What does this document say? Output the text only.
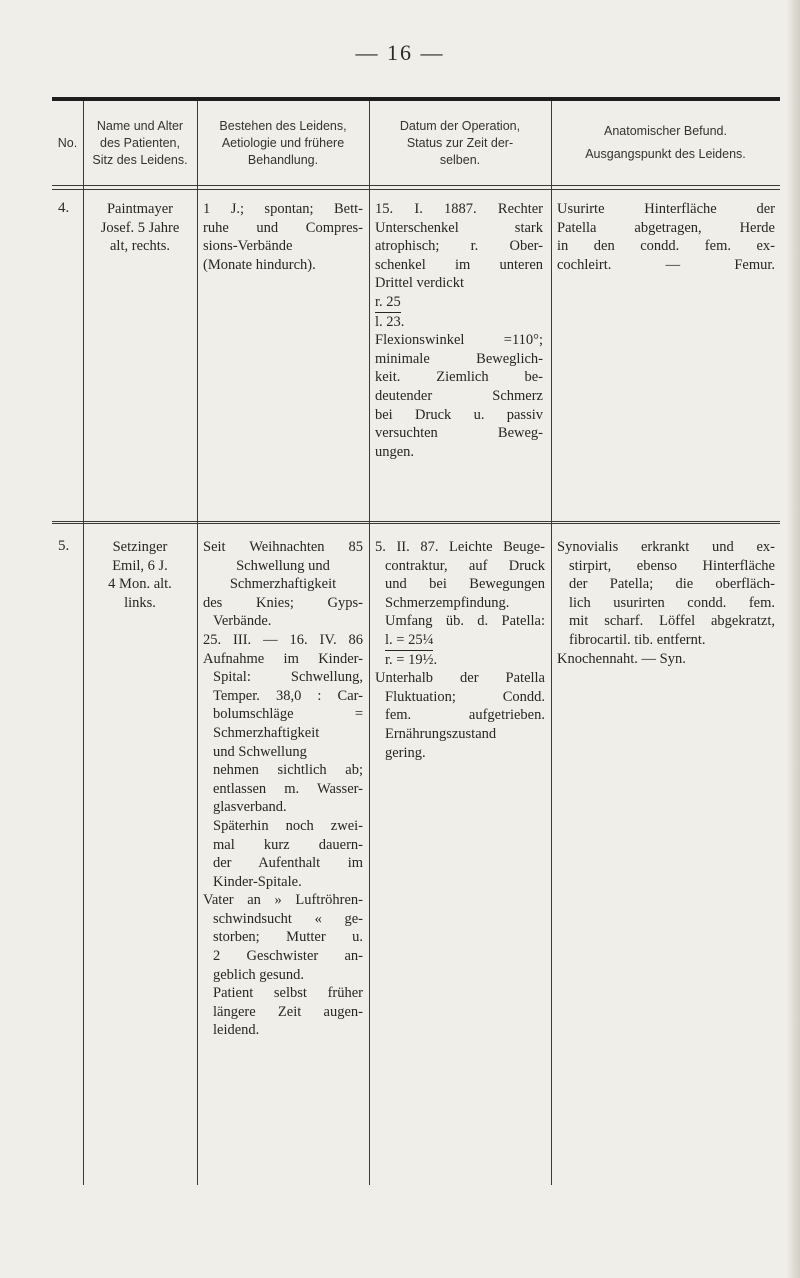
— 16 —
No.
Name und Alter
des Patienten,
Sitz des Leidens.
Bestehen des Leidens,
Aetiologie und frühere
Behandlung.
Datum der Operation,
Status zur Zeit der-
selben.
Anatomischer Befund.
Ausgangspunkt des Leidens.
4.	Paintmayer
Josef. 5 Jahre
alt, rechts.
1 J.; spontan; Bett-
ruhe und Compres-
sions-Verbände
(Monate hindurch).
15. I. 1887. Rechter
Unterschenkel stark
atrophisch; r. Ober-
schenkel im unteren
Drittel verdickt
r. 25
l. 23.
Flexionswinkel =110°;
minimale Beweglich-
keit. Ziemlich be-
deutender Schmerz
bei Druck u. passiv
versuchten Beweg-
ungen.
Usurirte Hinterfläche der
Patella abgetragen, Herde
in den condd. fem. ex-
cochleirt. — Femur.
5.	Setzinger
Emil, 6 J.
4 Mon. alt.
links.
Seit Weihnachten 85
Schwellung und
Schmerzhaftigkeit
des Knies; Gyps-
Verbände.
25. III. — 16. IV. 86
Aufnahme im Kinder-
Spital: Schwellung,
Temper. 38,0 : Car-
bolumschläge =
Schmerzhaftigkeit
und Schwellung
nehmen sichtlich ab;
entlassen m. Wasser-
glasverband.
Späterhin noch zwei-
mal kurz dauern-
der Aufenthalt im
Kinder-Spitale.
Vater an » Luftröhren-
schwindsucht « ge-
storben; Mutter u.
2 Geschwister an-
geblich gesund.
Patient selbst früher
längere Zeit augen-
leidend.
5. II. 87. Leichte Beuge-
contraktur, auf Druck
und bei Bewegungen
Schmerzempfindung.
Umfang üb. d. Patella:
l. = 25¼
r. = 19½.
Unterhalb der Patella
Fluktuation; Condd.
fem. aufgetrieben.
Ernährungszustand
gering.
Synovialis erkrankt und ex-
stirpirt, ebenso Hinterfläche
der Patella; die oberfläch-
lich usurirten condd. fem.
mit scharf. Löffel abgekratzt,
fibrocartil. tib. entfernt.
Knochennaht. — Syn.
